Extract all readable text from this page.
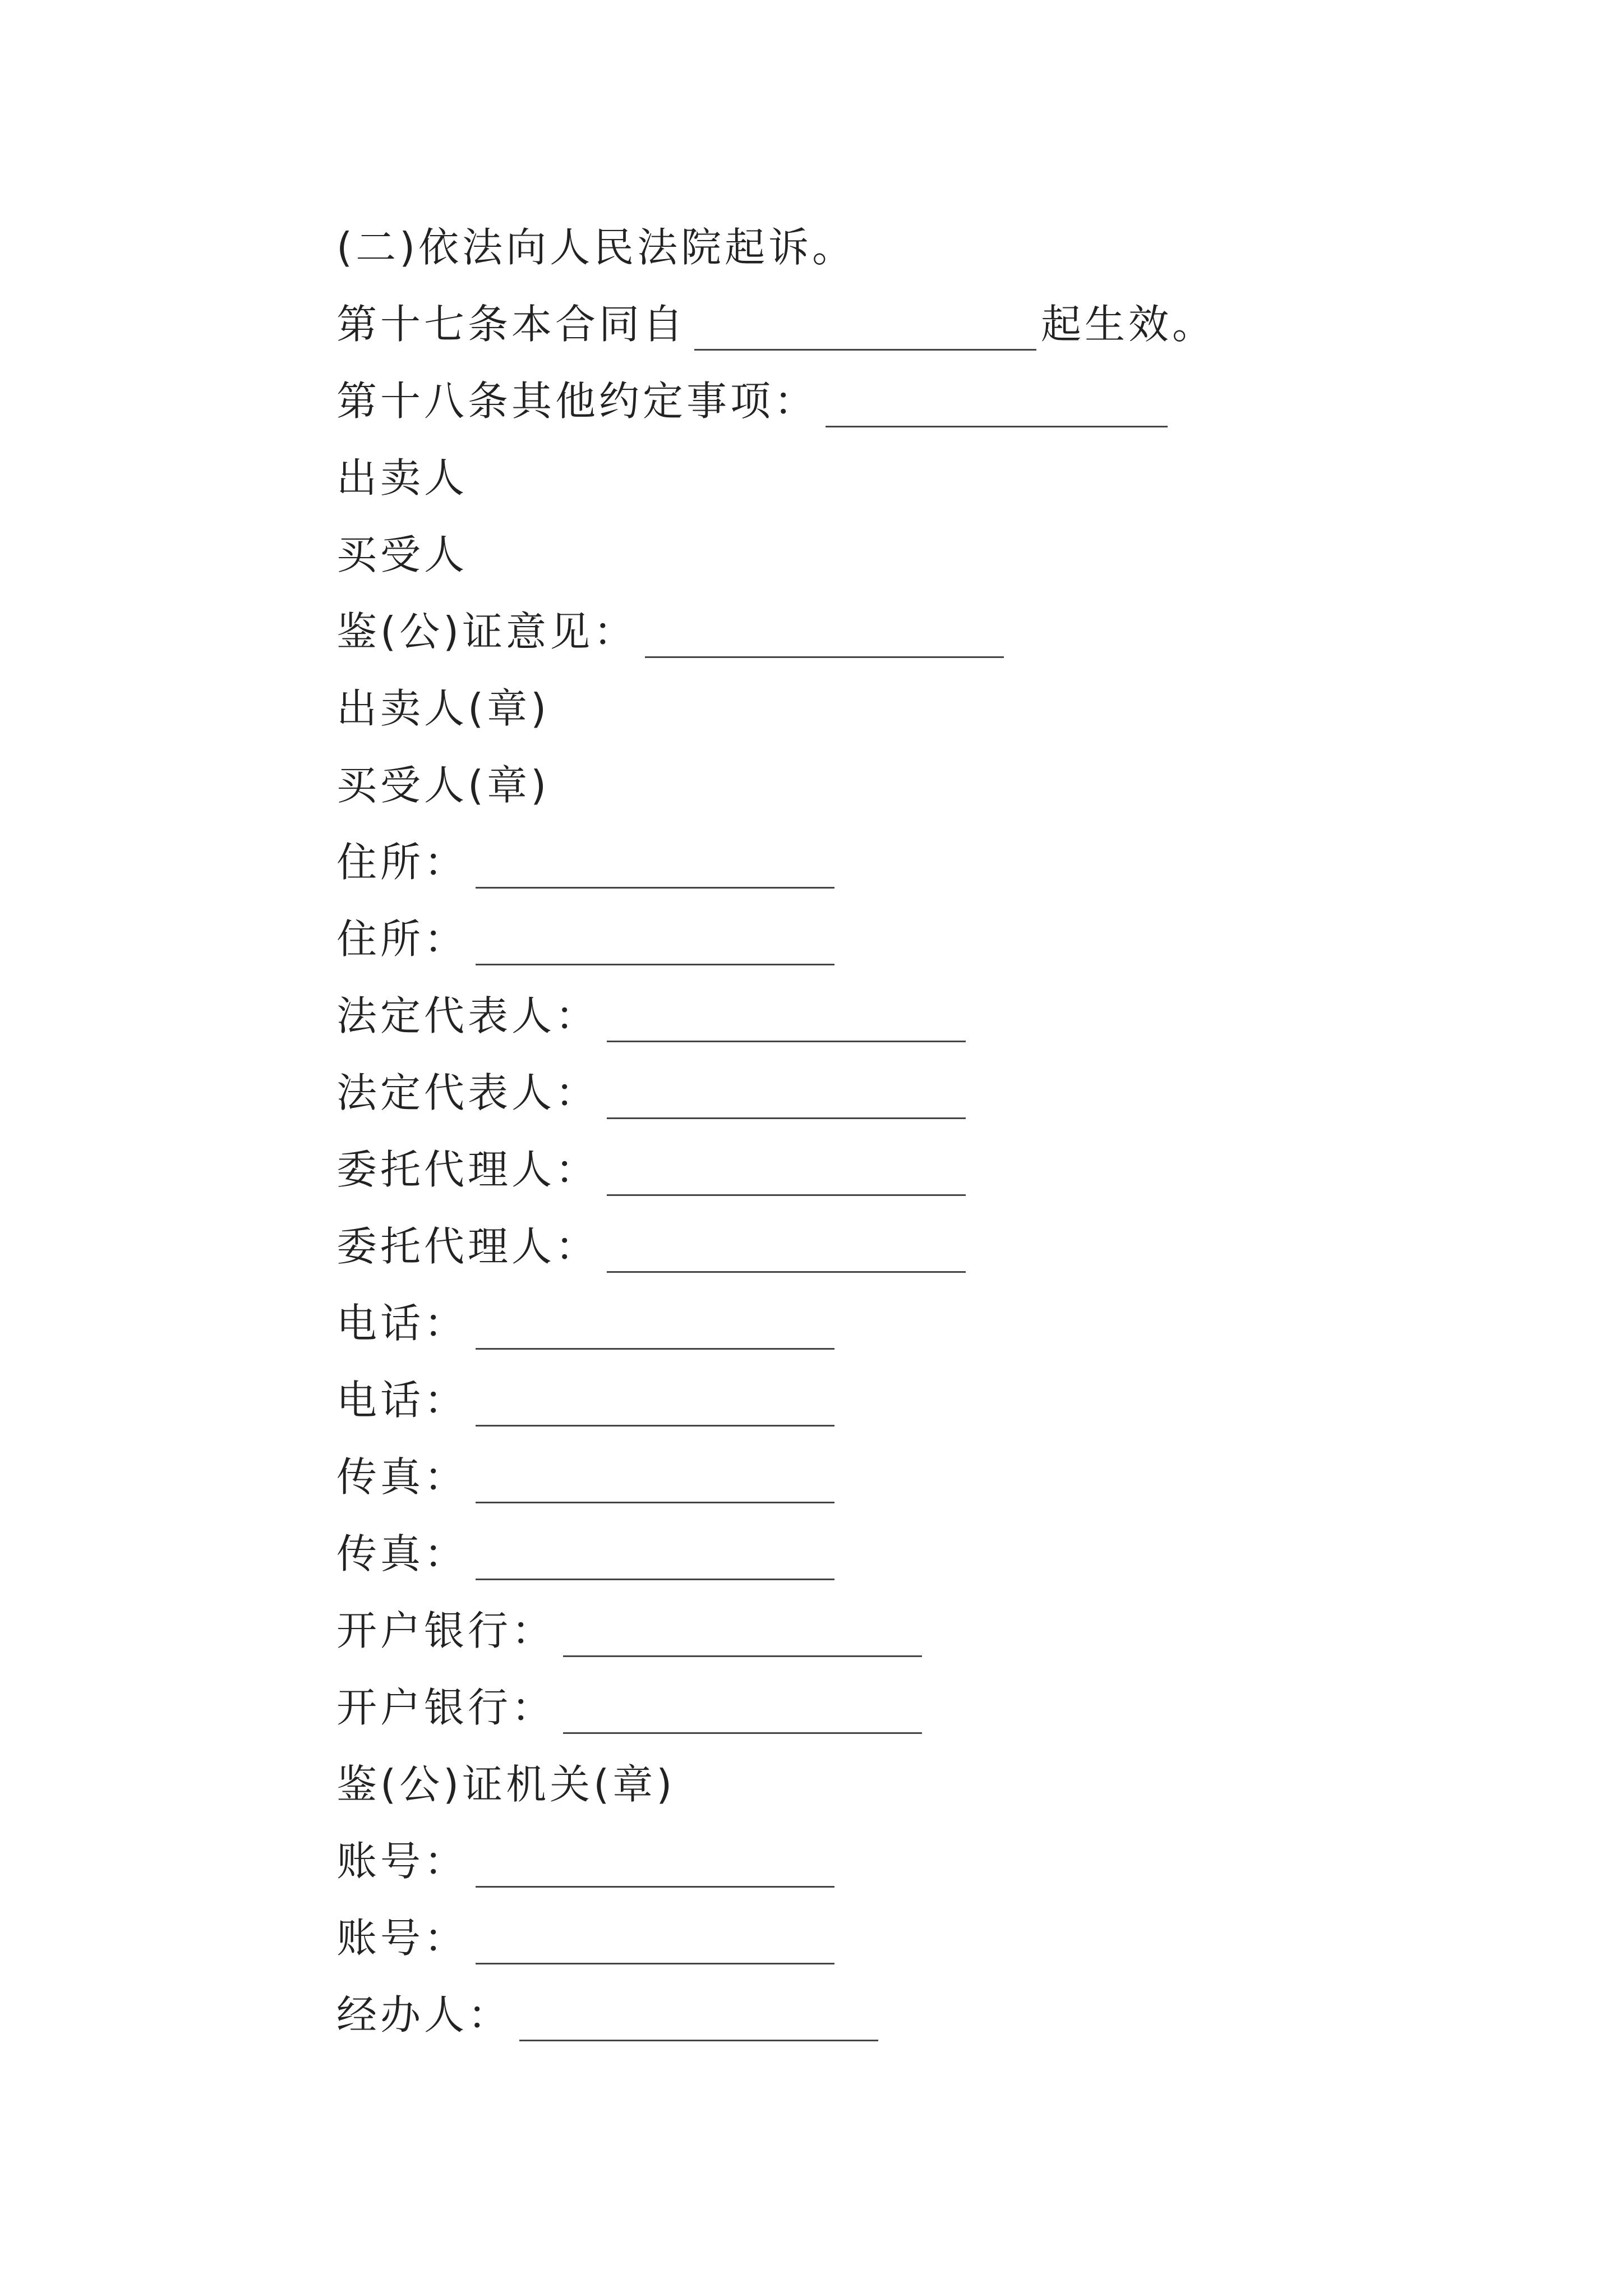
(二)依法向人民法院起诉。
第十七条本合同自	起生效。
第十八条其他约定事项：
出卖人
买受人
鉴(公)证意见：
出卖人(章)
买受人(章)
住所：
住所：
法定代表人：
法定代表人：
委托代理人：
委托代理人：
电话：
电话：
传真：
传真：
开户银行：
开户银行：
鉴(公)证机关(章)
账号：
账号：
经办人：
